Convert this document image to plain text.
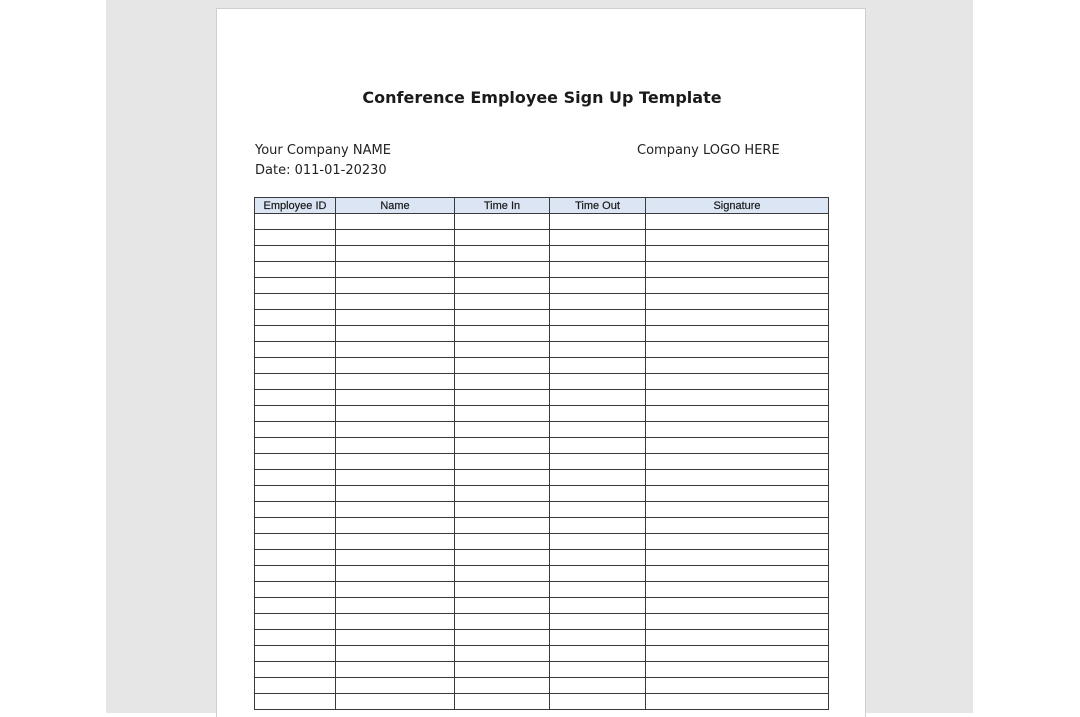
Conference Employee Sign Up Template
Your Company NAME
Date: 011-01-20230
Company LOGO HERE
Employee ID	Name	Time In	Time Out	Signature
